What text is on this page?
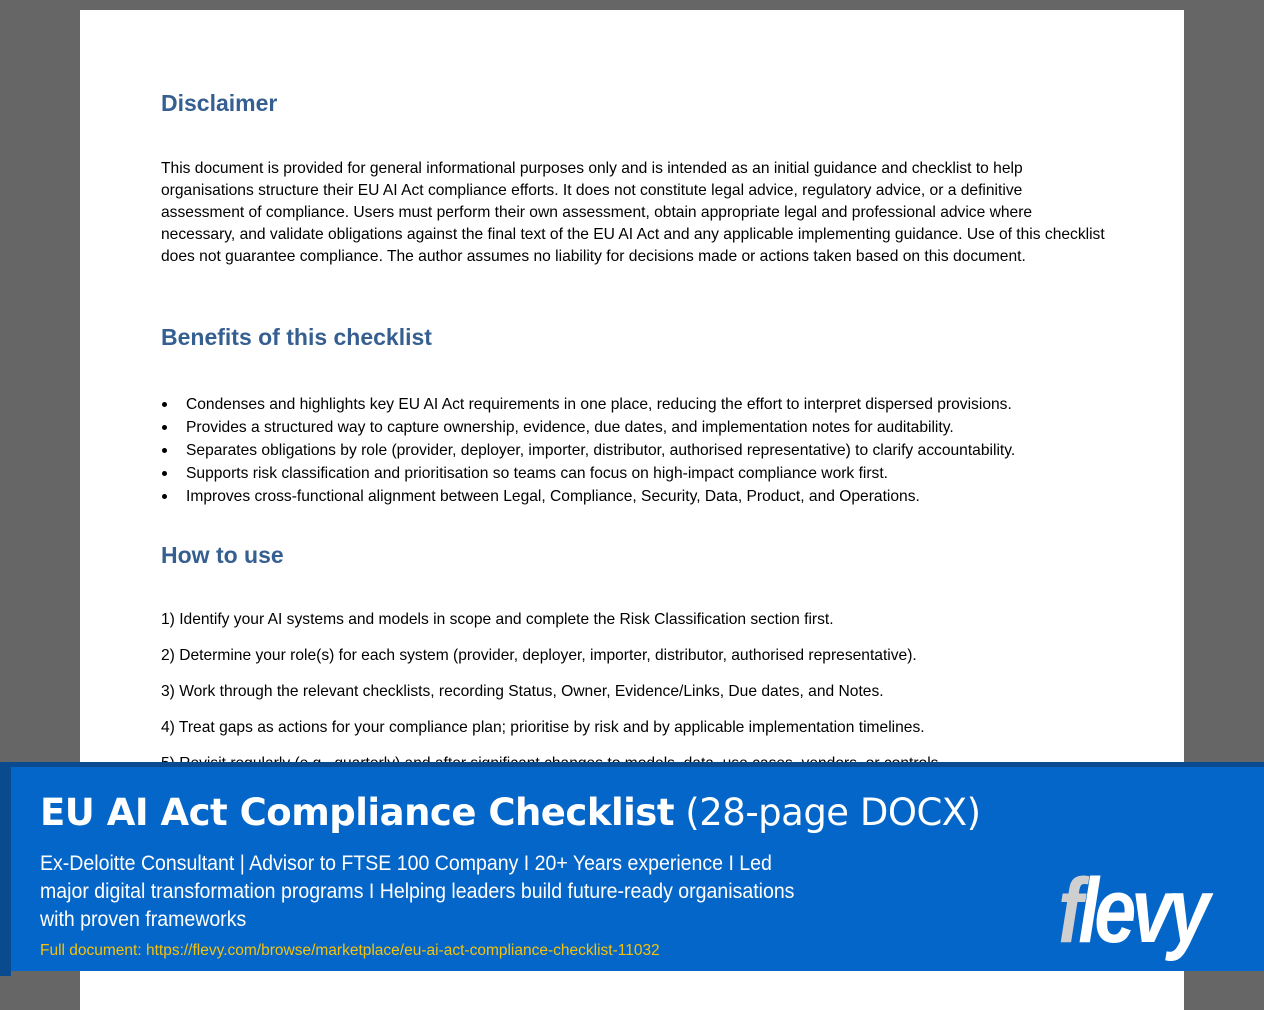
Disclaimer

This document is provided for general informational purposes only and is intended as an initial guidance and checklist to help organisations structure their EU AI Act compliance efforts. It does not constitute legal advice, regulatory advice, or a definitive assessment of compliance. Users must perform their own assessment, obtain appropriate legal and professional advice where necessary, and validate obligations against the final text of the EU AI Act and any applicable implementing guidance. Use of this checklist does not guarantee compliance. The author assumes no liability for decisions made or actions taken based on this document.

Benefits of this checklist
Condenses and highlights key EU AI Act requirements in one place, reducing the effort to interpret dispersed provisions.
Provides a structured way to capture ownership, evidence, due dates, and implementation notes for auditability.
Separates obligations by role (provider, deployer, importer, distributor, authorised representative) to clarify accountability.
Supports risk classification and prioritisation so teams can focus on high-impact compliance work first.
Improves cross-functional alignment between Legal, Compliance, Security, Data, Product, and Operations.
How to use
1) Identify your AI systems and models in scope and complete the Risk Classification section first.
2) Determine your role(s) for each system (provider, deployer, importer, distributor, authorised representative).
3) Work through the relevant checklists, recording Status, Owner, Evidence/Links, Due dates, and Notes.
4) Treat gaps as actions for your compliance plan; prioritise by risk and by applicable implementation timelines.
EU AI Act Compliance Checklist (28-page DOCX)
Ex-Deloitte Consultant | Advisor to FTSE 100 Company I 20+ Years experience I Led major digital transformation programs I Helping leaders build future-ready organisations with proven frameworks
Full document: https://flevy.com/browse/marketplace/eu-ai-act-compliance-checklist-11032	flevy
